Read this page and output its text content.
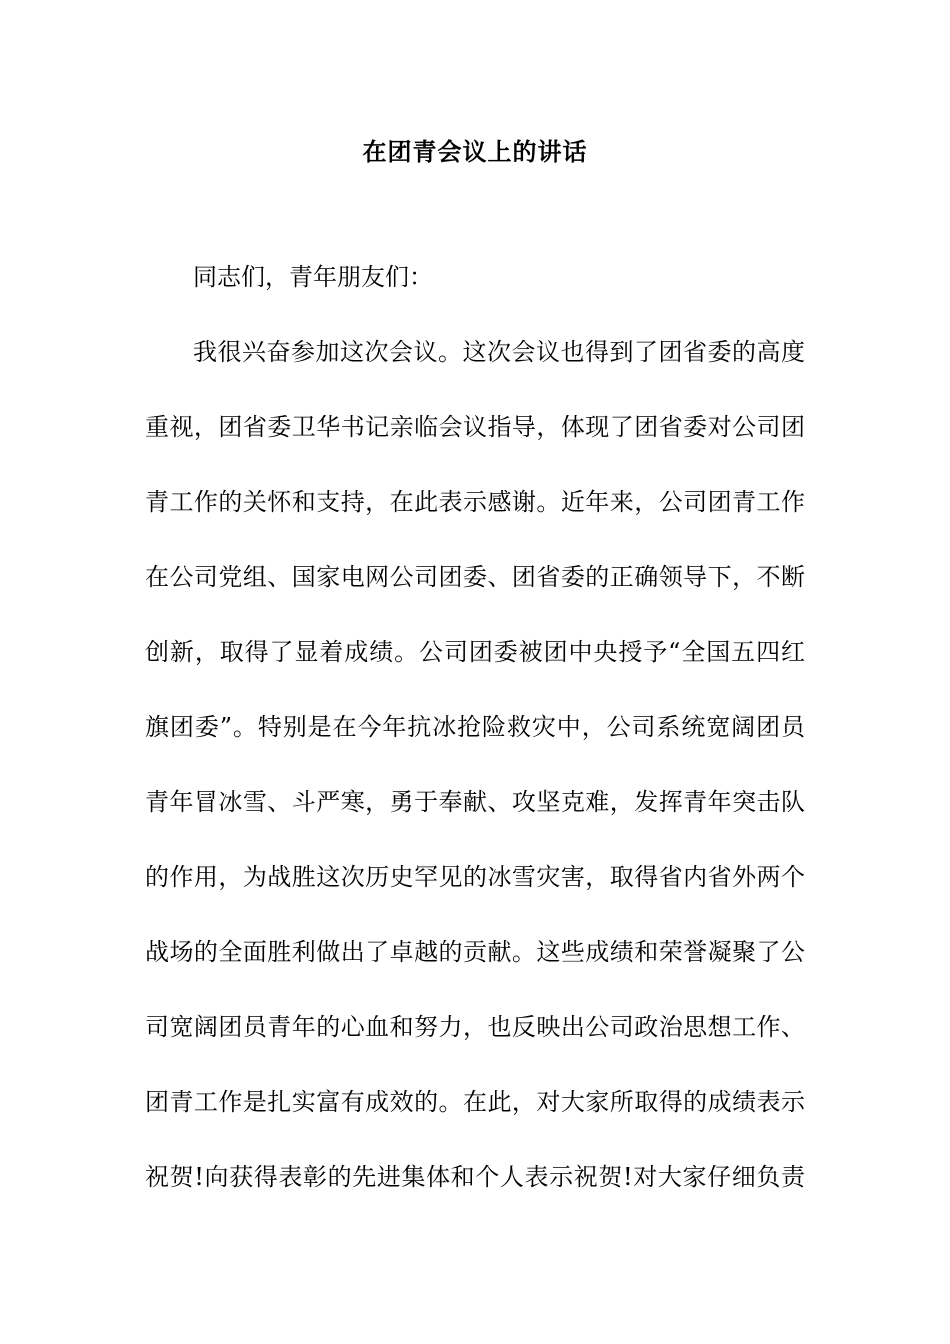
在团青会议上的讲话
同志们，青年朋友们：
我很兴奋参加这次会议。这次会议也得到了团省委的高度
重视，团省委卫华书记亲临会议指导，体现了团省委对公司团
青工作的关怀和支持，在此表示感谢。近年来，公司团青工作
在公司党组、国家电网公司团委、团省委的正确领导下，不断
创新，取得了显着成绩。公司团委被团中央授予“全国五四红
旗团委”。特别是在今年抗冰抢险救灾中，公司系统宽阔团员
青年冒冰雪、斗严寒，勇于奉献、攻坚克难，发挥青年突击队
的作用，为战胜这次历史罕见的冰雪灾害，取得省内省外两个
战场的全面胜利做出了卓越的贡献。这些成绩和荣誉凝聚了公
司宽阔团员青年的心血和努力，也反映出公司政治思想工作、
团青工作是扎实富有成效的。在此，对大家所取得的成绩表示
祝贺!向获得表彰的先进集体和个人表示祝贺!对大家仔细负责
